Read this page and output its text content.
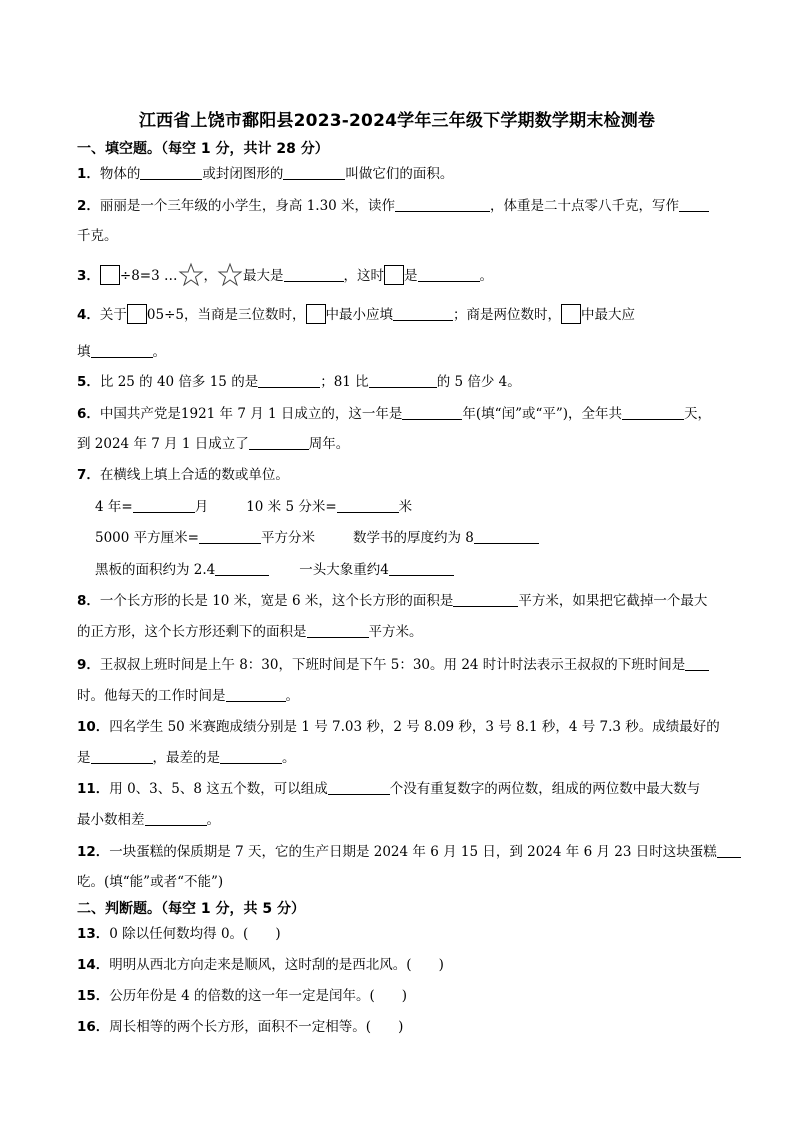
江西省上饶市鄱阳县2023-2024学年三年级下学期数学期末检测卷
一、填空题。（每空 1 分，共计 28 分）
1．物体的	或封闭图形的	叫做它们的面积。
2．丽丽是一个三年级的小学生，身高 1.30 米，读作	，体重是二十点零八千克，写作
千克。
3． ÷8=3 … ， 最大是	，这时 是	。
4．关于 05÷5，当商是三位数时， 中最小应填	；商是两位数时， 中最大应
填	。
5．比 25 的 40 倍多 15 的是	；81 比	的 5 倍少 4。
6．中国共产党是1921 年 7 月 1 日成立的，这一年是	年(填“闰”或“平”)，全年共	天，
到 2024 年 7 月 1 日成立了	周年。
7．在横线上填上合适的数或单位。
4 年=	月	10 米 5 分米=	米
5000 平方厘米=	平方分米	数学书的厚度约为 8
黑板的面积约为 2.4	一头大象重约4
8．一个长方形的长是 10 米，宽是 6 米，这个长方形的面积是	平方米，如果把它截掉一个最大
的正方形，这个长方形还剩下的面积是	平方米。
9．王叔叔上班时间是上午 8：30，下班时间是下午 5：30。用 24 时计时法表示王叔叔的下班时间是
时。他每天的工作时间是	。
10．四名学生 50 米赛跑成绩分别是 1 号 7.03 秒，2 号 8.09 秒，3 号 8.1 秒，4 号 7.3 秒。成绩最好的
是	，最差的是	。
11．用 0、3、5、8 这五个数，可以组成	个没有重复数字的两位数，组成的两位数中最大数与
最小数相差	。
12．一块蛋糕的保质期是 7 天，它的生产日期是 2024 年 6 月 15 日，到 2024 年 6 月 23 日时这块蛋糕
吃。(填“能”或者“不能”)
二、判断题。（每空 1 分，共 5 分）
13．0 除以任何数均得 0。(　　)
14．明明从西北方向走来是顺风，这时刮的是西北风。(　　)
15．公历年份是 4 的倍数的这一年一定是闰年。(　　)
16．周长相等的两个长方形，面积不一定相等。(　　)
